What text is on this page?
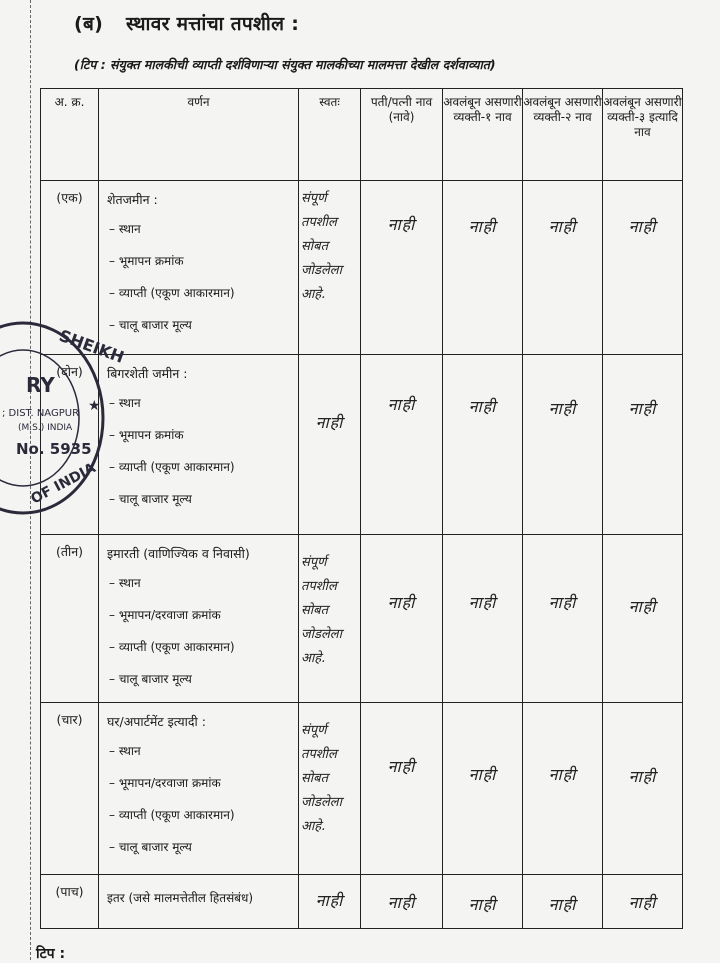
(ब) स्थावर मत्तांचा तपशील :
(टिप : संयुक्त मालकीची व्याप्ती दर्शविणाऱ्या संयुक्त मालकीच्या मालमत्ता देखील दर्शवाव्यात)
अ. क्र.	वर्णन	स्वतः	पती/पत्नी नाव (नावे)	अवलंबून असणारी व्यक्ती-१ नाव	अवलंबून असणारी व्यक्ती-२ नाव	अवलंबून असणारी व्यक्ती-३ इत्यादि नाव
(एक)	शेतजमीन :
– स्थान
– भूमापन क्रमांक
– व्याप्ती (एकूण आकारमान)
– चालू बाजार मूल्य	संपूर्ण तपशील सोबत जोडलेला आहे.	नाही	नाही	नाही	नाही
(दोन)	बिगरशेती जमीन :
– स्थान
– भूमापन क्रमांक
– व्याप्ती (एकूण आकारमान)
– चालू बाजार मूल्य	नाही	नाही	नाही	नाही	नाही
(तीन)	इमारती (वाणिज्यिक व निवासी)
– स्थान
– भूमापन/दरवाजा क्रमांक
– व्याप्ती (एकूण आकारमान)
– चालू बाजार मूल्य	संपूर्ण तपशील सोबत जोडलेला आहे.	नाही	नाही	नाही	नाही
(चार)	घर/अपार्टमेंट इत्यादी :
– स्थान
– भूमापन/दरवाजा क्रमांक
– व्याप्ती (एकूण आकारमान)
– चालू बाजार मूल्य	संपूर्ण तपशील सोबत जोडलेला आहे.	नाही	नाही	नाही	नाही
(पाच)	इतर (जसे मालमत्तेतील हितसंबंध)	नाही	नाही	नाही	नाही	नाही
SHEIKH
RY
; DIST. NAGPUR
(M.S.) INDIA
No. 5935
OF INDIA
★
टिप :
